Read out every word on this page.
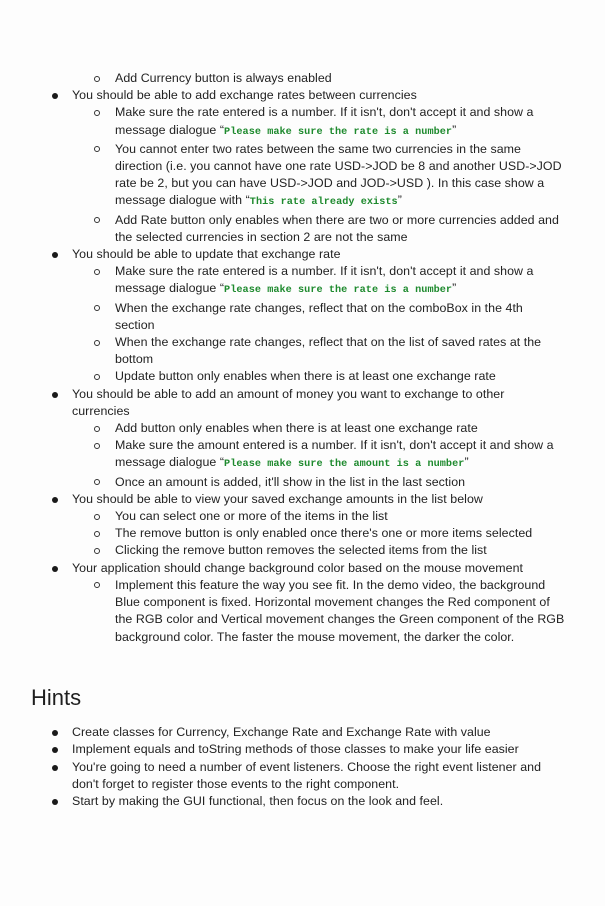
Add Currency button is always enabled
You should be able to add exchange rates between currencies
Make sure the rate entered is a number. If it isn't, don't accept it and show a
message dialogue “Please make sure the rate is a number”
You cannot enter two rates between the same two currencies in the same
direction (i.e. you cannot have one rate USD->JOD be 8 and another USD->JOD
rate be 2, but you can have USD->JOD and JOD->USD ). In this case show a
message dialogue with “This rate already exists”
Add Rate button only enables when there are two or more currencies added and
the selected currencies in section 2 are not the same
You should be able to update that exchange rate
Make sure the rate entered is a number. If it isn't, don't accept it and show a
message dialogue “Please make sure the rate is a number”
When the exchange rate changes, reflect that on the comboBox in the 4th
section
When the exchange rate changes, reflect that on the list of saved rates at the
bottom
Update button only enables when there is at least one exchange rate
You should be able to add an amount of money you want to exchange to other
currencies
Add button only enables when there is at least one exchange rate
Make sure the amount entered is a number. If it isn't, don't accept it and show a
message dialogue “Please make sure the amount is a number”
Once an amount is added, it'll show in the list in the last section
You should be able to view your saved exchange amounts in the list below
You can select one or more of the items in the list
The remove button is only enabled once there's one or more items selected
Clicking the remove button removes the selected items from the list
Your application should change background color based on the mouse movement
Implement this feature the way you see fit. In the demo video, the background
Blue component is fixed. Horizontal movement changes the Red component of
the RGB color and Vertical movement changes the Green component of the RGB
background color. The faster the mouse movement, the darker the color.
Hints
Create classes for Currency, Exchange Rate and Exchange Rate with value
Implement equals and toString methods of those classes to make your life easier
You're going to need a number of event listeners. Choose the right event listener and
don't forget to register those events to the right component.
Start by making the GUI functional, then focus on the look and feel.
